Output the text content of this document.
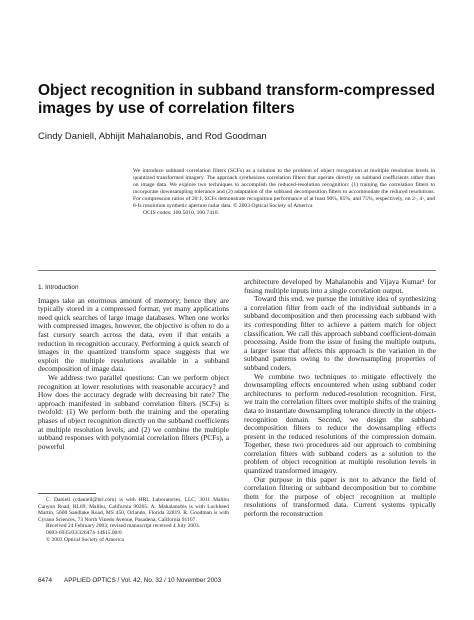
Object recognition in subband transform-compressed images by use of correlation filters
Cindy Daniell, Abhijit Mahalanobis, and Rod Goodman

We introduce subband correlation filters (SCFs) as a solution to the problem of object recognition at multiple resolution levels in quantized transformed imagery. The approach synthesizes correlation filters that operate directly on subband coefficients rather than on image data. We explore two techniques to accomplish the reduced-resolution recognition: (1) training the correlation filters to incorporate downsampling tolerance and (2) adaptation of the subband decomposition filters to accommodate the reduced resolutions. For compression ratios of 20:1, SCFs demonstrate recognition performance of at least 90%, 85%, and 75%, respectively, on 2-, 4-, and 8-fs resolution synthetic aperture radar data. © 2003 Optical Society of America

OCIS codes: 100.5010, 100.7410.

1. Introduction

Images take an enormous amount of memory; hence they are typically stored in a compressed format, yet many applications need quick searches of large image databases. When one works with compressed images, however, the objective is often to do a fast cursory search across the data, even if that entails a reduction in recognition accuracy. Performing a quick search of images in the quantized transform space suggests that we exploit the multiple resolutions available in a subband decomposition of image data.

We address two parallel questions: Can we perform object recognition at lower resolutions with reasonable accuracy? and How does the accuracy degrade with decreasing bit rate? The approach manifested in subband correlation filters (SCFs) is twofold: (1) We perform both the training and the operating phases of object recognition directly on the subband coefficients at multiple resolution levels, and (2) we combine the multiple subband responses with polynomial correlation filters (PCFs), a powerful

architecture developed by Mahalanobis and Vijaya Kumar¹ for fusing multiple inputs into a single correlation output.

Toward this end, we pursue the intuitive idea of synthesizing a correlation filter from each of the individual subbands in a subband decomposition and then processing each subband with its corresponding filter to achieve a pattern match for object classification. We call this approach subband coefficient-domain processing. Aside from the issue of fusing the multiple outputs, a larger issue that affects this approach is the variation in the subband patterns owing to the downsampling properties of subband coders.

We combine two techniques to mitigate effectively the downsampling effects encountered when using subband coder architectures to perform reduced-resolution recognition. First, we train the correlation filters over multiple shifts of the training data to instantiate downsampling tolerance directly in the object-recognition domain. Second, we design the subband decomposition filters to reduce the downsampling effects present in the reduced resolutions of the compression domain. Together, these two procedures aid our approach to combining correlation filters with subband coders as a solution to the problem of object recognition at multiple resolution levels in quantized transformed imagery.

Our purpose in this paper is not to advance the field of correlation filtering or subband decomposition but to combine them for the purpose of object recognition at multiple resolutions of transformed data. Current systems typically perform the reconstruction

C. Daniell (cdaniell@hrl.com) is with HRL Laboratories, LLC, 3011 Malibu Canyon Road, RL69, Malibu, California 90265. A. Mahalanobis is with Lockheed Martin, 5600 Sandlake Road, MS 450, Orlando, Florida 32819. R. Goodman is with Cyrano Sciences, 73 North Vinedo Avenue, Pasadena, California 91107.

Received 24 February 2003; revised manuscript received 4 July 2003.

0003-6935/03/326474-14$15.00/0

© 2003 Optical Society of America

6474 APPLIED OPTICS / Vol. 42, No. 32 / 10 November 2003
